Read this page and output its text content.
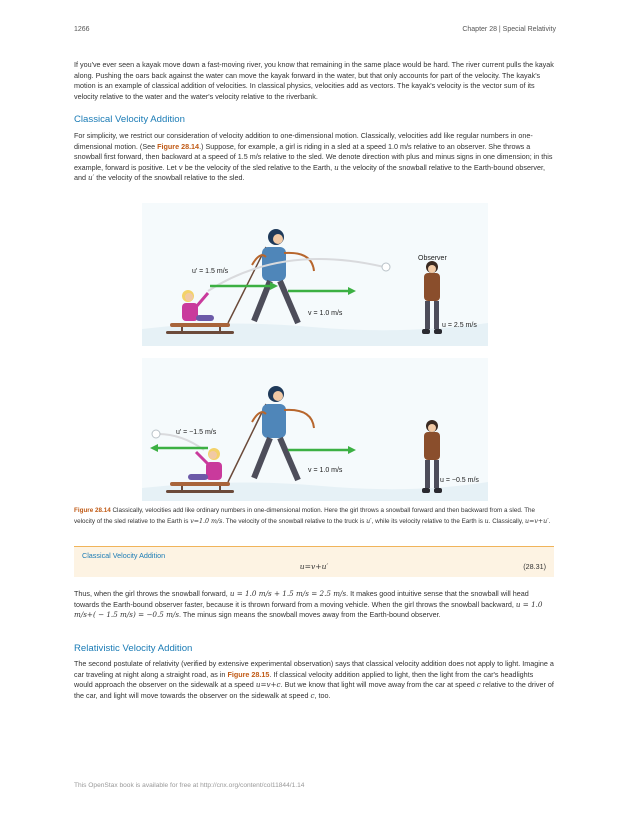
1266	Chapter 28 | Special Relativity

If you've ever seen a kayak move down a fast-moving river, you know that remaining in the same place would be hard. The river current pulls the kayak along. Pushing the oars back against the water can move the kayak forward in the water, but that only accounts for part of the velocity. The kayak's motion is an example of classical addition of velocities. In classical physics, velocities add as vectors. The kayak's velocity is the vector sum of its velocity relative to the water and the water's velocity relative to the riverbank.

Classical Velocity Addition

For simplicity, we restrict our consideration of velocity addition to one-dimensional motion. Classically, velocities add like regular numbers in one-dimensional motion. (See Figure 28.14.) Suppose, for example, a girl is riding in a sled at a speed 1.0 m/s relative to an observer. She throws a snowball first forward, then backward at a speed of 1.5 m/s relative to the sled. We denote direction with plus and minus signs in one dimension; in this example, forward is positive. Let v be the velocity of the sled relative to the Earth, u the velocity of the snowball relative to the Earth-bound observer, and u′ the velocity of the snowball relative to the sled.

u′ = 1.5 m/s
v = 1.0 m/s
Observer
u = 2.5 m/s
u′ = −1.5 m/s
v = 1.0 m/s
u = −0.5 m/s
Figure 28.14 Classically, velocities add like ordinary numbers in one-dimensional motion. Here the girl throws a snowball forward and then backward from a sled. The velocity of the sled relative to the Earth is v=1.0 m/s. The velocity of the snowball relative to the truck is u′, while its velocity relative to the Earth is u. Classically, u=v+u′.
Classical Velocity Addition
u=v+u′	(28.31)

Thus, when the girl throws the snowball forward, u = 1.0 m/s + 1.5 m/s = 2.5 m/s. It makes good intuitive sense that the snowball will head towards the Earth-bound observer faster, because it is thrown forward from a moving vehicle. When the girl throws the snowball backward, u = 1.0 m/s+( − 1.5 m/s) = −0.5 m/s. The minus sign means the snowball moves away from the Earth-bound observer.

Relativistic Velocity Addition

The second postulate of relativity (verified by extensive experimental observation) says that classical velocity addition does not apply to light. Imagine a car traveling at night along a straight road, as in Figure 28.15. If classical velocity addition applied to light, then the light from the car's headlights would approach the observer on the sidewalk at a speed u=v+c. But we know that light will move away from the car at speed c relative to the driver of the car, and light will move towards the observer on the sidewalk at speed c, too.

This OpenStax book is available for free at http://cnx.org/content/col11844/1.14
